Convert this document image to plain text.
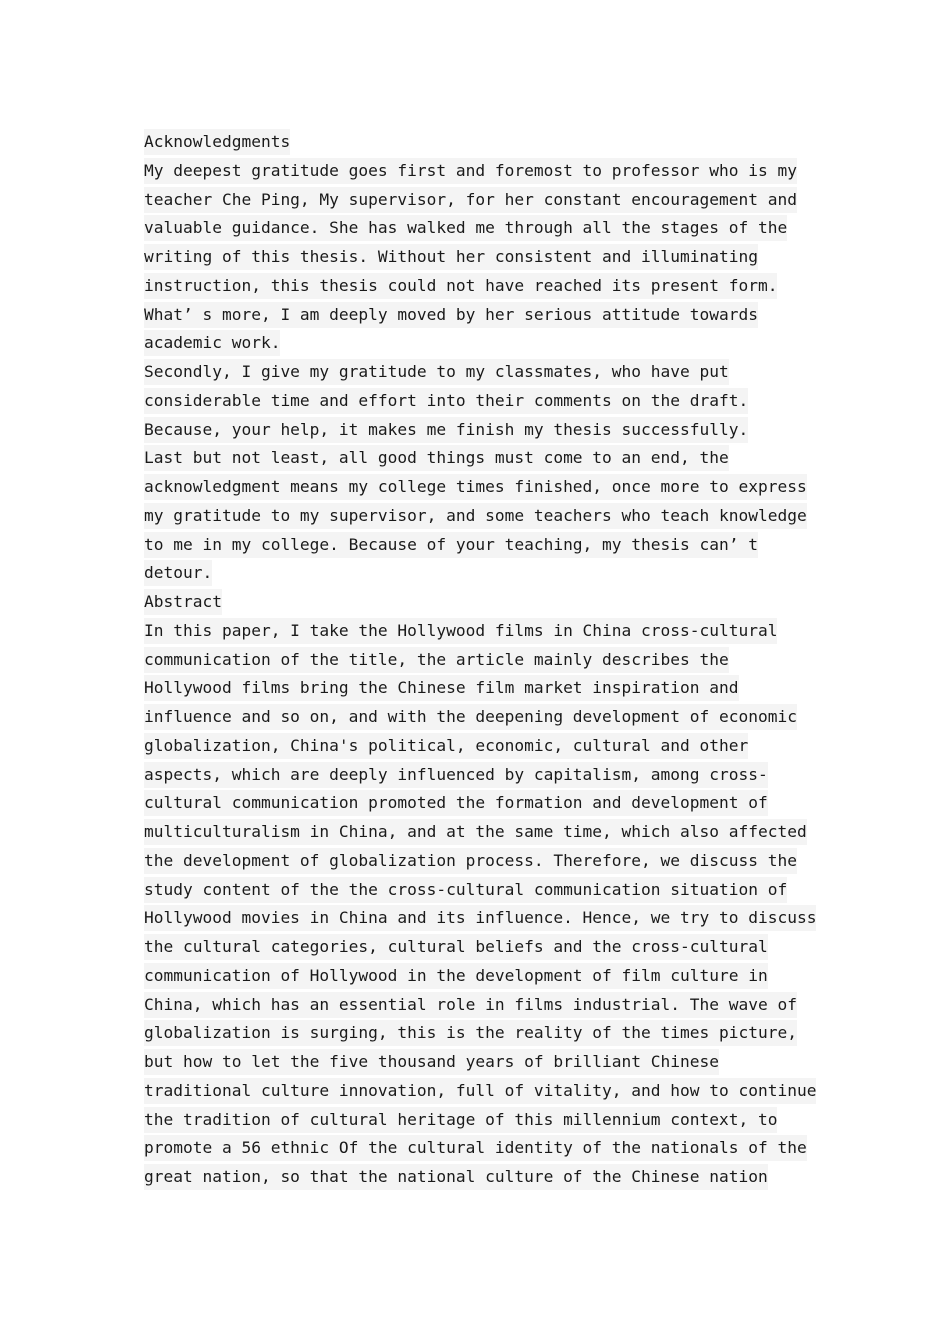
Acknowledgments
My deepest gratitude goes first and foremost to professor who is my
teacher Che Ping, My supervisor, for her constant encouragement and
valuable guidance. She has walked me through all the stages of the
writing of this thesis. Without her consistent and illuminating
instruction, this thesis could not have reached its present form.
What’ s more, I am deeply moved by her serious attitude towards
academic work.
Secondly, I give my gratitude to my classmates, who have put
considerable time and effort into their comments on the draft.
Because, your help, it makes me finish my thesis successfully.
Last but not least, all good things must come to an end, the
acknowledgment means my college times finished, once more to express
my gratitude to my supervisor, and some teachers who teach knowledge
to me in my college. Because of your teaching, my thesis can’ t
detour.
Abstract
In this paper, I take the Hollywood films in China cross-cultural
communication of the title, the article mainly describes the
Hollywood films bring the Chinese film market inspiration and
influence and so on, and with the deepening development of economic
globalization, China's political, economic, cultural and other
aspects, which are deeply influenced by capitalism, among cross-
cultural communication promoted the formation and development of
multiculturalism in China, and at the same time, which also affected
the development of globalization process. Therefore, we discuss the
study content of the the cross-cultural communication situation of
Hollywood movies in China and its influence. Hence, we try to discuss
the cultural categories, cultural beliefs and the cross-cultural
communication of Hollywood in the development of film culture in
China, which has an essential role in films industrial. The wave of
globalization is surging, this is the reality of the times picture,
but how to let the five thousand years of brilliant Chinese
traditional culture innovation, full of vitality, and how to continue
the tradition of cultural heritage of this millennium context, to
promote a 56 ethnic Of the cultural identity of the nationals of the
great nation, so that the national culture of the Chinese nation
